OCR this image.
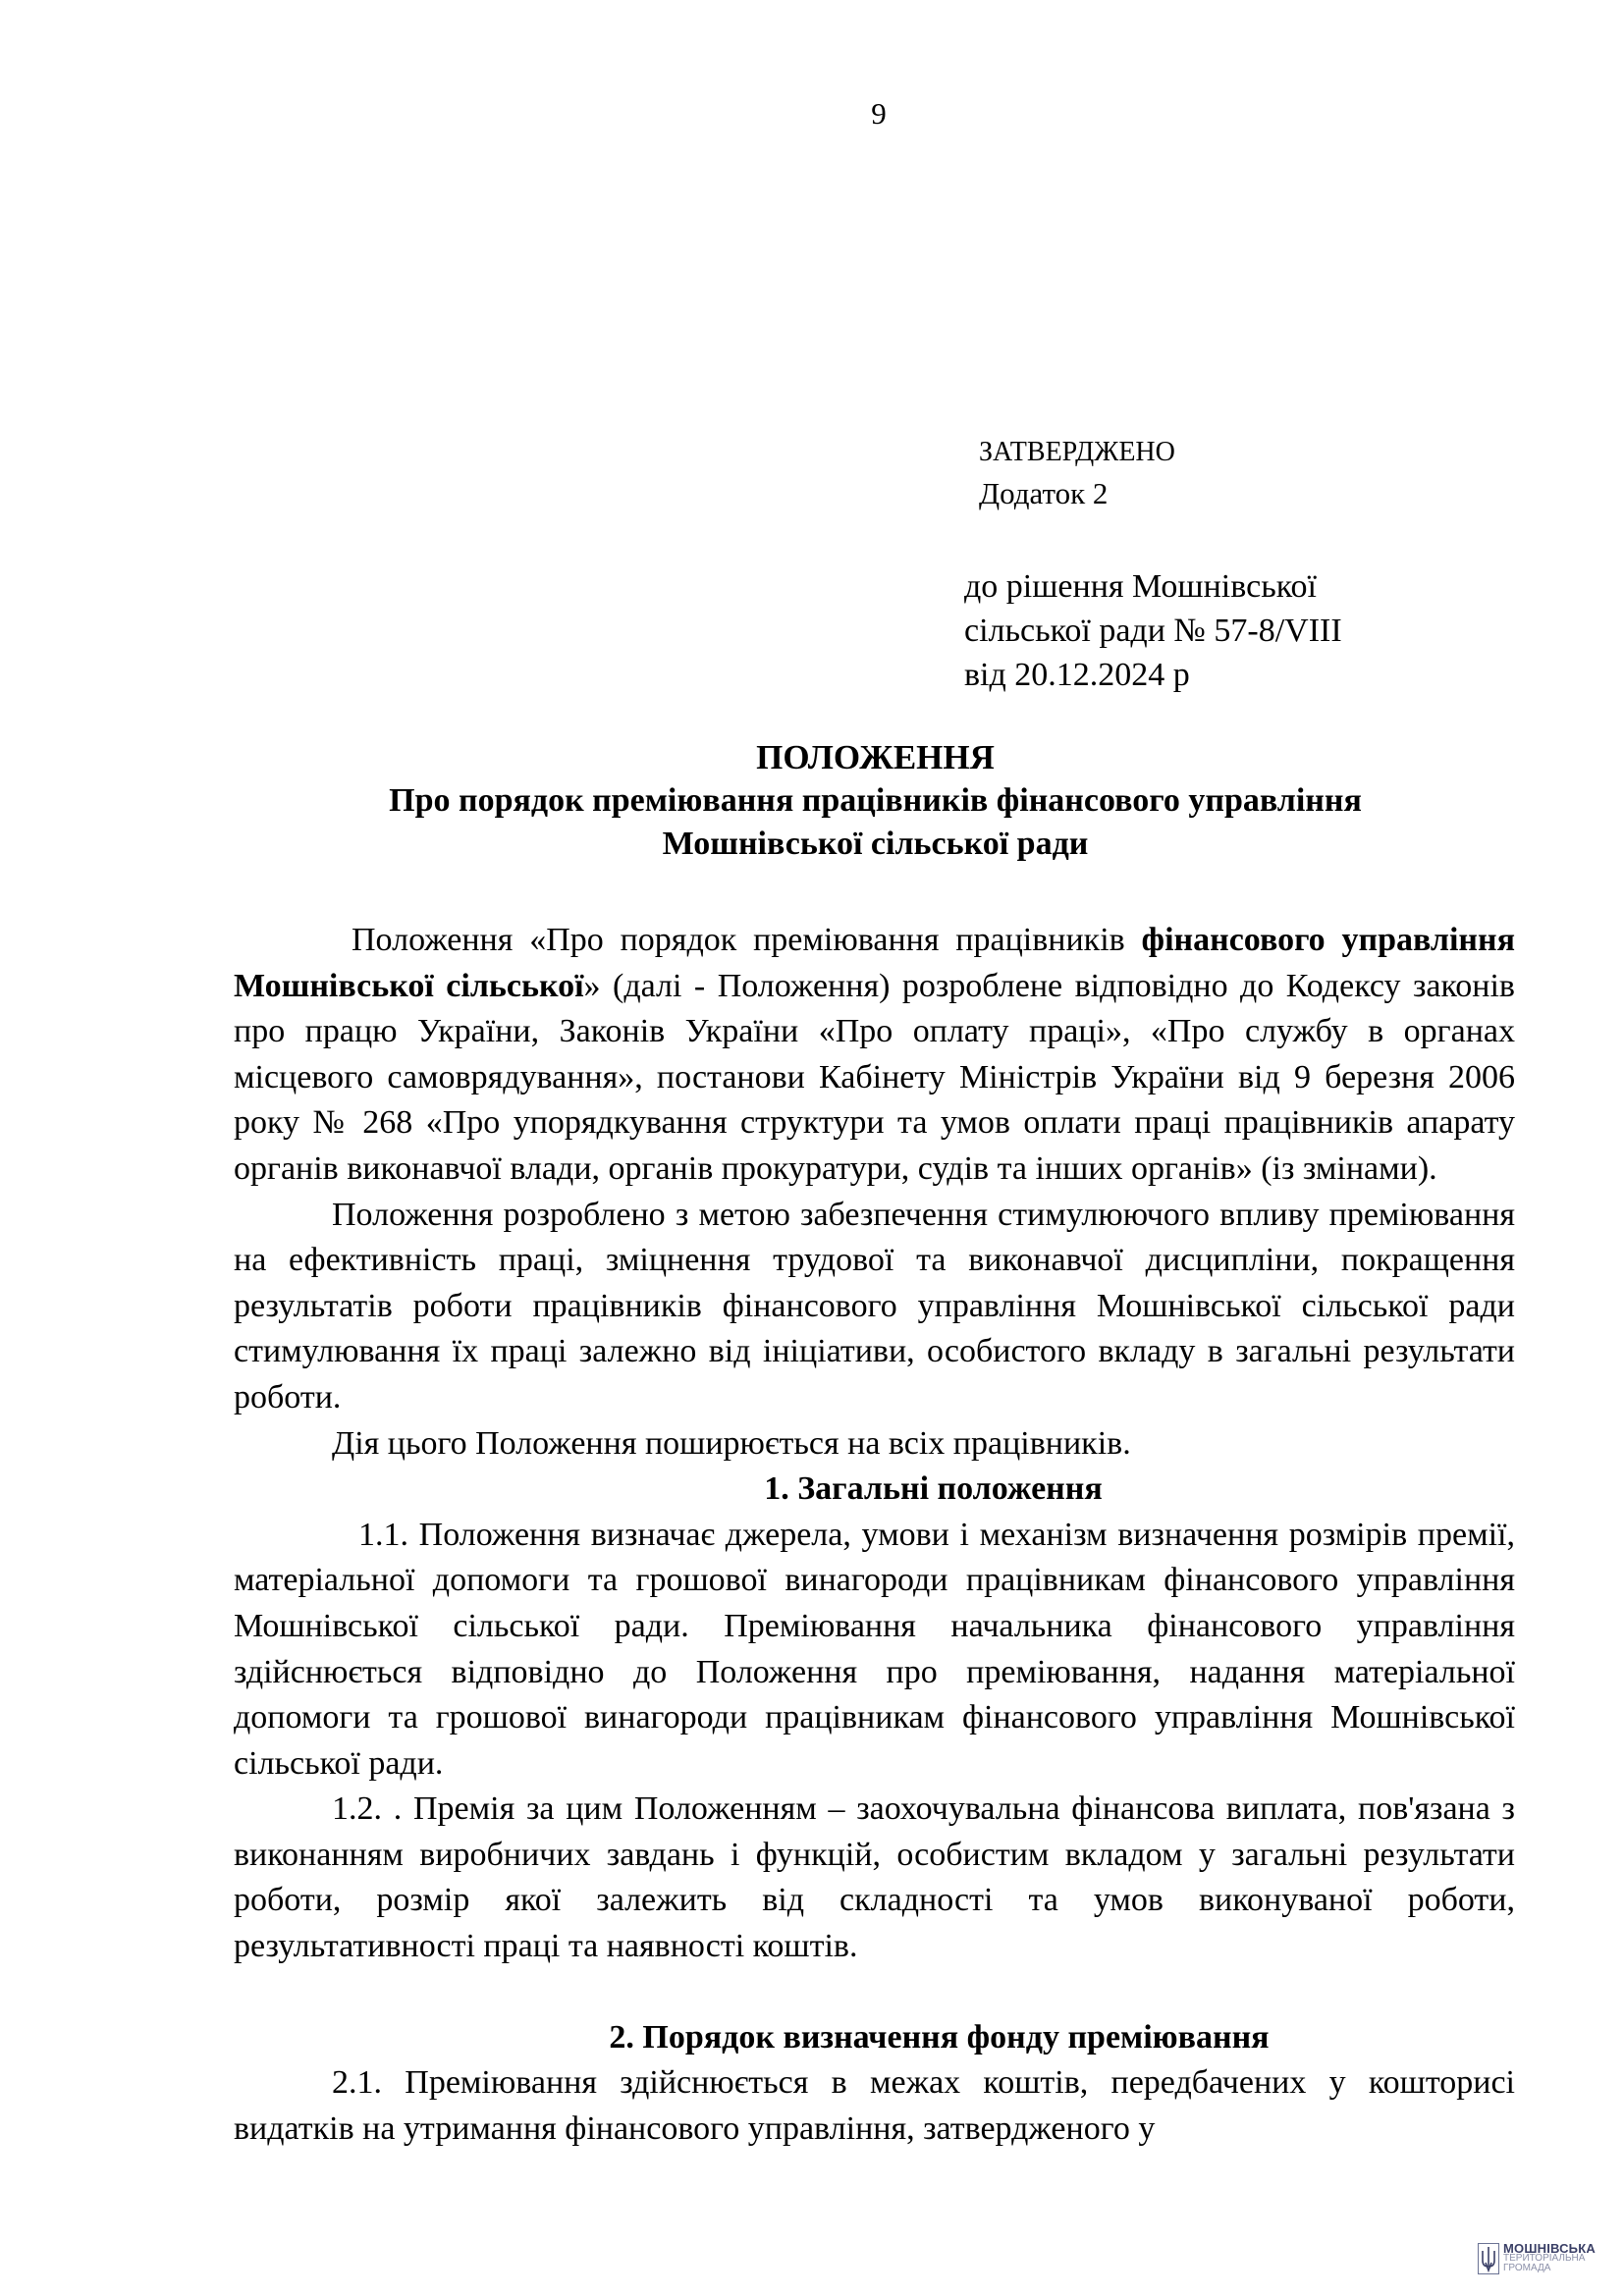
9
ЗАТВЕРДЖЕНО
Додаток 2
до рішення Мошнівської
сільської ради № 57-8/VIII
від 20.12.2024 р
ПОЛОЖЕННЯ
Про порядок преміювання працівників фінансового управління
Мошнівської сільської ради

Положення «Про порядок преміювання працівників фінансового управління Мошнівської сільської» (далі - Положення) розроблене відповідно до Кодексу законів про працю України, Законів України «Про оплату праці», «Про службу в органах місцевого самоврядування», постанови Кабінету Міністрів України від 9 березня 2006 року № 268 «Про упорядкування структури та умов оплати праці працівників апарату органів виконавчої влади, органів прокуратури, судів та інших органів» (із змінами).

Положення розроблено з метою забезпечення стимулюючого впливу преміювання на ефективність праці, зміцнення трудової та виконавчої дисципліни, покращення результатів роботи працівників фінансового управління Мошнівської сільської ради стимулювання їх праці залежно від ініціативи, особистого вкладу в загальні результати роботи.

Дія цього Положення поширюється на всіх працівників.

1. Загальні положення

1.1. Положення визначає джерела, умови і механізм визначення розмірів премії, матеріальної допомоги та грошової винагороди працівникам фінансового управління Мошнівської сільської ради. Преміювання начальника фінансового управління здійснюється відповідно до Положення про преміювання, надання матеріальної допомоги та грошової винагороди працівникам фінансового управління Мошнівської сільської ради.

1.2. . Премія за цим Положенням – заохочувальна фінансова виплата, пов'язана з виконанням виробничих завдань і функцій, особистим вкладом у загальні результати роботи, розмір якої залежить від складності та умов виконуваної роботи, результативності праці та наявності коштів.

2. Порядок визначення фонду преміювання

2.1. Преміювання здійснюється в межах коштів, передбачених у кошторисі видатків на утримання фінансового управління, затвердженого у

МОШНІВСЬКА
ТЕРИТОРІАЛЬНА
ГРОМАДА
